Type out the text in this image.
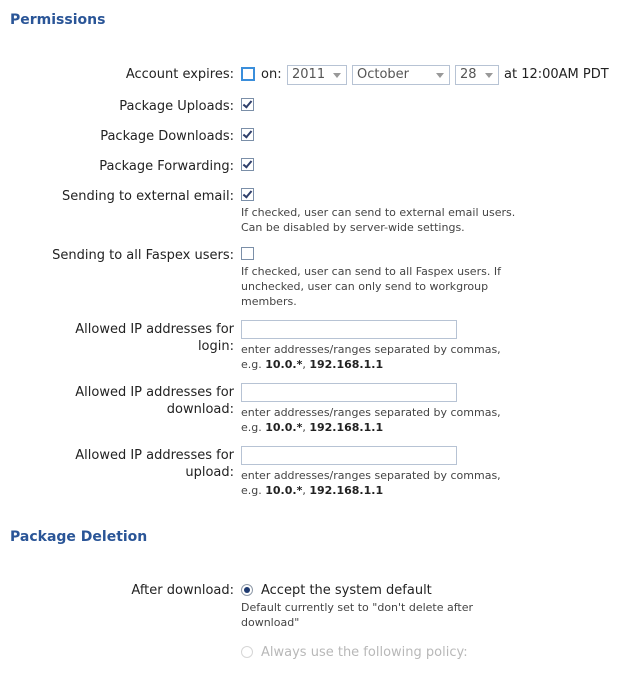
Permissions
Account expires: on: 2011	October	28	at 12:00AM PDT
Package Uploads:
Package Downloads:
Package Forwarding:
Sending to external email:
If checked, user can send to external email users.
Can be disabled by server-wide settings.
Sending to all Faspex users:
If checked, user can send to all Faspex users. If
unchecked, user can only send to workgroup
members.
Allowed IP addresses for
login: enter addresses/ranges separated by commas,
e.g. 10.0.*, 192.168.1.1
Allowed IP addresses for
download: enter addresses/ranges separated by commas,
e.g. 10.0.*, 192.168.1.1
Allowed IP addresses for
upload: enter addresses/ranges separated by commas,
e.g. 10.0.*, 192.168.1.1
Package Deletion
After download: Accept the system default
Default currently set to "don't delete after
download"
Always use the following policy:
